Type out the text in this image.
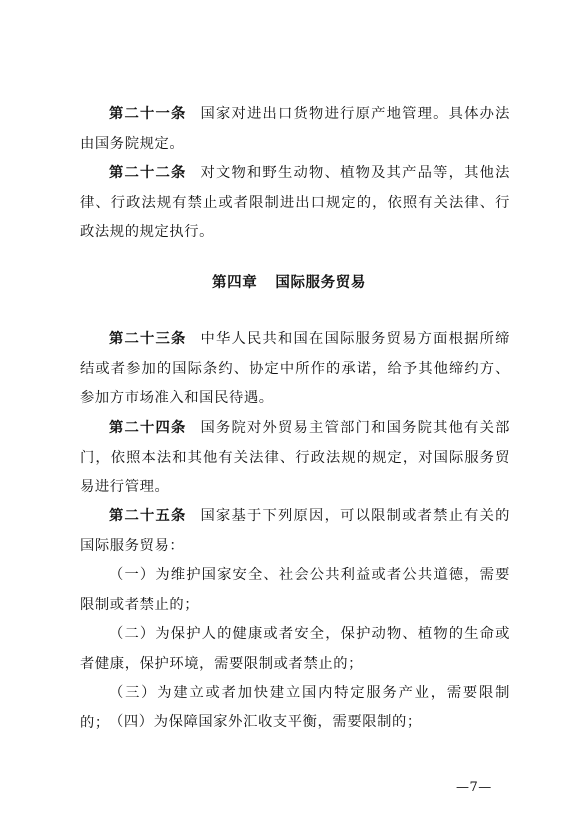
第二十一条 国家对进出口货物进行原产地管理。具体办法由国务院规定。

第二十二条 对文物和野生动物、植物及其产品等，其他法律、行政法规有禁止或者限制进出口规定的，依照有关法律、行政法规的规定执行。

第四章 国际服务贸易

第二十三条 中华人民共和国在国际服务贸易方面根据所缔结或者参加的国际条约、协定中所作的承诺，给予其他缔约方、参加方市场准入和国民待遇。

第二十四条 国务院对外贸易主管部门和国务院其他有关部门，依照本法和其他有关法律、行政法规的规定，对国际服务贸易进行管理。

第二十五条 国家基于下列原因，可以限制或者禁止有关的国际服务贸易：

（一）为维护国家安全、社会公共利益或者公共道德，需要限制或者禁止的；

（二）为保护人的健康或者安全，保护动物、植物的生命或者健康，保护环境，需要限制或者禁止的；

（三）为建立或者加快建立国内特定服务产业，需要限制的； （四）为保障国家外汇收支平衡，需要限制的；

—7—
